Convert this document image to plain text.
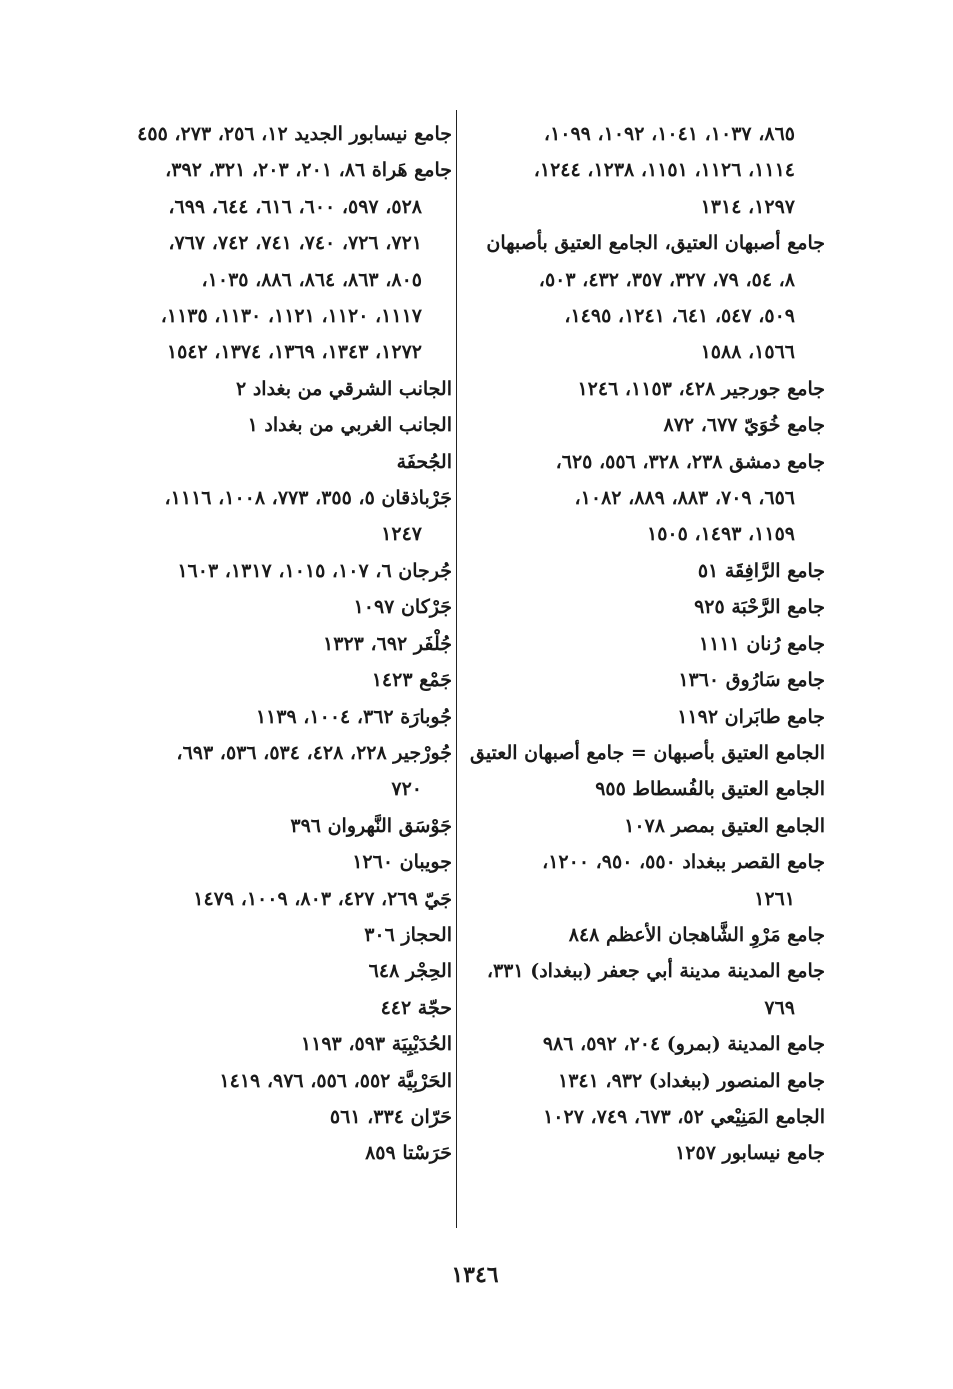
٨٦٥، ١٠٣٧، ١٠٤١، ١٠٩٢، ١٠٩٩،
١١١٤، ١١٢٦، ١١٥١، ١٢٣٨، ١٢٤٤،
١٢٩٧، ١٣١٤
جامع أصبهان العتيق، الجامع العتيق بأصبهان
٨، ٥٤، ٧٩، ٣٢٧، ٣٥٧، ٤٣٢، ٥٠٣،
٥٠٩، ٥٤٧، ٦٤١، ١٢٤١، ١٤٩٥،
١٥٦٦، ١٥٨٨
جامع جورجير ٤٢٨، ١١٥٣، ١٢٤٦
جامع خُوَيّ ٦٧٧، ٨٧٢
جامع دمشق ٢٣٨، ٣٢٨، ٥٥٦، ٦٢٥،
٦٥٦، ٧٠٩، ٨٨٣، ٨٨٩، ١٠٨٢،
١١٥٩، ١٤٩٣، ١٥٠٥
جامع الرَّافِقَة ٥١
جامع الرَّحْبَة ٩٢٥
جامع رُنان ١١١١
جامع سَارُوق ١٣٦٠
جامع طابَران ١١٩٢
الجامع العتيق بأصبهان = جامع أصبهان العتيق
الجامع العتيق بالفُسطاط ٩٥٥
الجامع العتيق بمصر ١٠٧٨
جامع القصر ببغداد ٥٥٠، ٩٥٠، ١٢٠٠،
١٢٦١
جامع مَرْوِ الشَّاهجان الأعظم ٨٤٨
جامع المدينة مدينة أبي جعفر (ببغداد) ٣٣١،
٧٦٩
جامع المدينة (بمرو) ٢٠٤، ٥٩٢، ٩٨٦
جامع المنصور (ببغداد) ٩٣٢، ١٣٤١
الجامع المَنِيْعي ٥٢، ٦٧٣، ٧٤٩، ١٠٢٧
جامع نيسابور ١٢٥٧
جامع نيسابور الجديد ١٢، ٢٥٦، ٢٧٣، ٤٥٥
جامع هَراة ٨٦، ٢٠١، ٢٠٣، ٣٢١، ٣٩٢،
٥٢٨، ٥٩٧، ٦٠٠، ٦١٦، ٦٤٤، ٦٩٩،
٧٢١، ٧٢٦، ٧٤٠، ٧٤١، ٧٤٢، ٧٦٧،
٨٠٥، ٨٦٣، ٨٦٤، ٨٨٦، ١٠٣٥،
١١١٧، ١١٢٠، ١١٢١، ١١٣٠، ١١٣٥،
١٢٧٢، ١٣٤٣، ١٣٦٩، ١٣٧٤، ١٥٤٢
الجانب الشرقي من بغداد ٢
الجانب الغربي من بغداد ١
الجُحفَة
جَرْباذقان ٥، ٣٥٥، ٧٧٣، ١٠٠٨، ١١١٦،
١٢٤٧
جُرجان ٦، ١٠٧، ١٠١٥، ١٣١٧، ١٦٠٣
جَرْكان ١٠٩٧
جُلْفَر ٦٩٢، ١٣٢٣
جَمْع ١٤٢٣
جُوبارَة ٣٦٢، ١٠٠٤، ١١٣٩
جُورْجير ٢٢٨، ٤٢٨، ٥٣٤، ٥٣٦، ٦٩٣،
٧٢٠
جَوْسَق النَّهروان ٣٩٦
جويبان ١٢٦٠
جَيّ ٢٦٩، ٤٢٧، ٨٠٣، ١٠٠٩، ١٤٧٩
الحجاز ٣٠٦
الحِجْر ٦٤٨
حجّة ٤٤٢
الحُدَيْبِيَة ٥٩٣، ١١٩٣
الحَرْبِيَّة ٥٥٢، ٥٥٦، ٩٧٦، ١٤١٩
حَرّان ٣٣٤، ٥٦١
حَرَسْتا ٨٥٩
١٣٤٦
